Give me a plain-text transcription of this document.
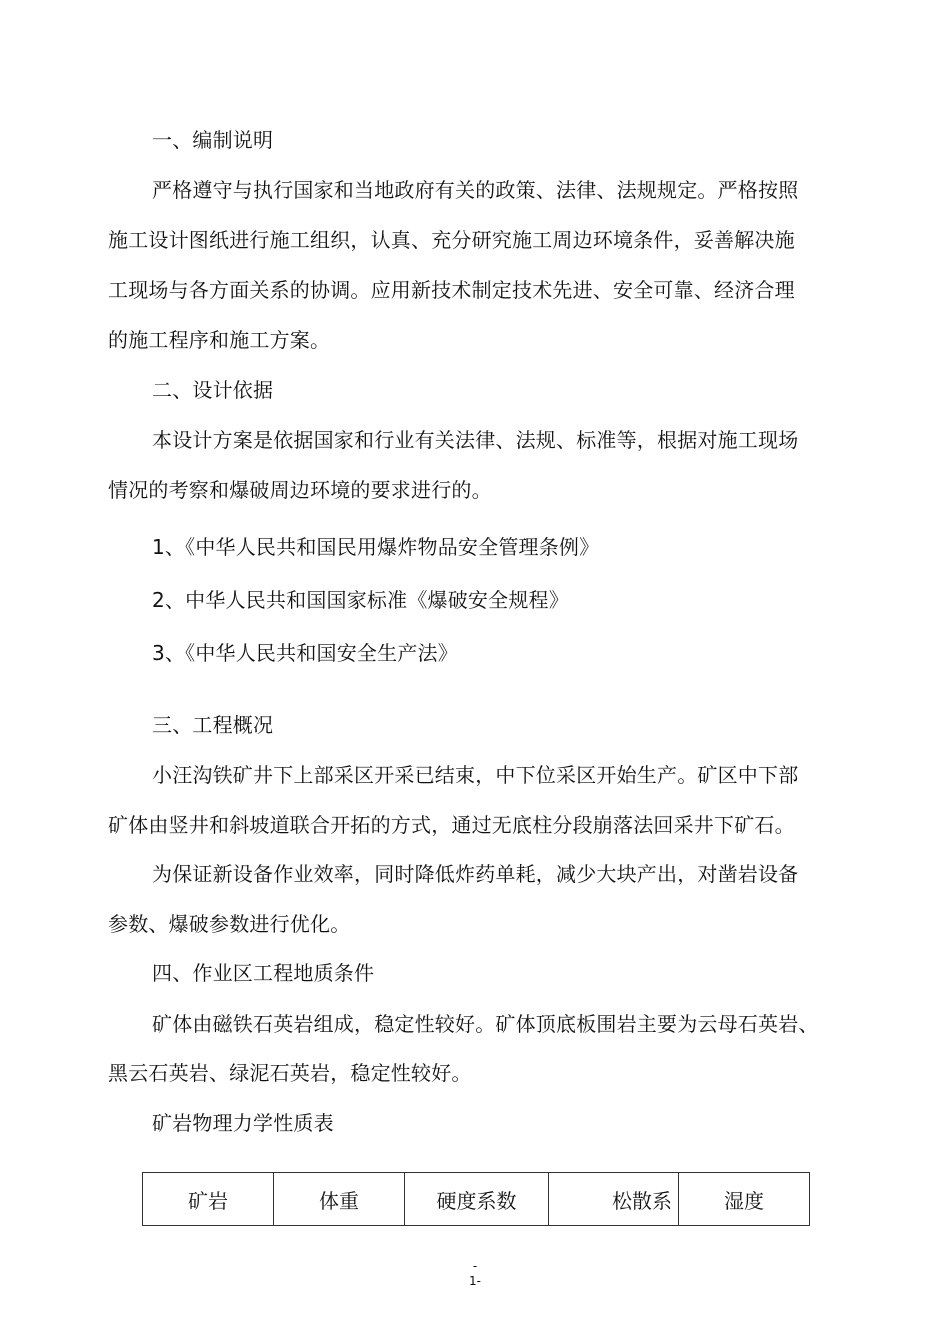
一、编制说明
严格遵守与执行国家和当地政府有关的政策、法律、法规规定。严格按照
施工设计图纸进行施工组织，认真、充分研究施工周边环境条件，妥善解决施
工现场与各方面关系的协调。应用新技术制定技术先进、安全可靠、经济合理
的施工程序和施工方案。
二、设计依据
本设计方案是依据国家和行业有关法律、法规、标准等，根据对施工现场
情况的考察和爆破周边环境的要求进行的。
1、《中华人民共和国民用爆炸物品安全管理条例》
2、中华人民共和国国家标准《爆破安全规程》
3、《中华人民共和国安全生产法》
三、工程概况
小汪沟铁矿井下上部采区开采已结束，中下位采区开始生产。矿区中下部
矿体由竖井和斜坡道联合开拓的方式，通过无底柱分段崩落法回采井下矿石。
为保证新设备作业效率，同时降低炸药单耗，减少大块产出，对凿岩设备
参数、爆破参数进行优化。
四、作业区工程地质条件
矿体由磁铁石英岩组成，稳定性较好。矿体顶底板围岩主要为云母石英岩、
黑云石英岩、绿泥石英岩，稳定性较好。
矿岩物理力学性质表
矿岩	体重	硬度系数	松散系	湿度
-
1-
